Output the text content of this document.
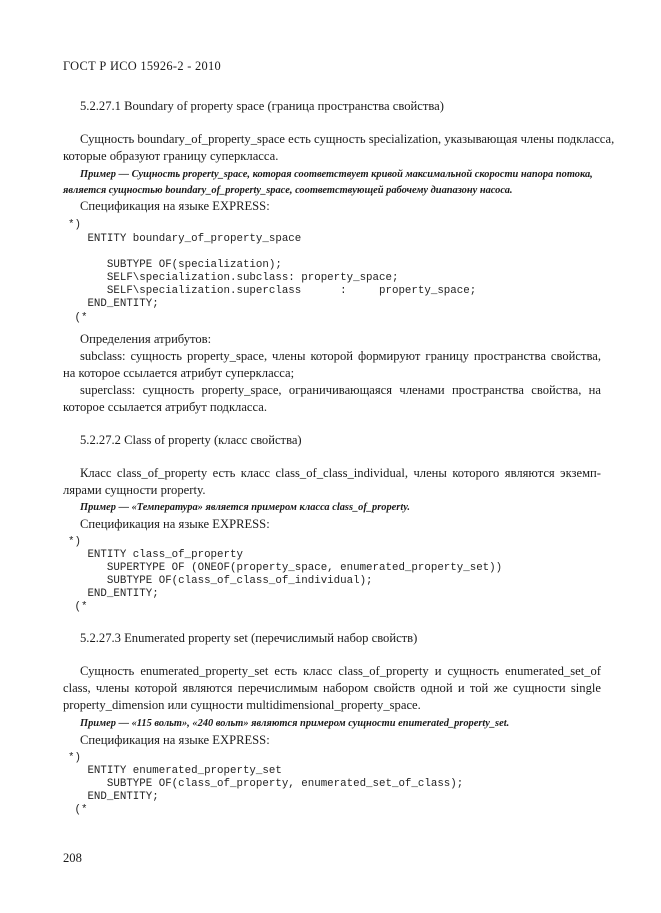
ГОСТ Р ИСО 15926-2 - 2010
5.2.27.1 Boundary of property space (граница пространства свойства)
Сущность boundary_of_property_space есть сущность specialization, указывающая члены подкласса,
которые образуют границу суперкласса.
Пример — Сущность property_space, которая соответствует кривой максимальной скорости напора потока,
является сущностью boundary_of_property_space, соответствующей рабочему диапазону насоса.
Спецификация на языке EXPRESS:
*)
ENTITY boundary_of_property_space
SUBTYPE OF(specialization);
SELF\specialization.subclass: property_space;
SELF\specialization.superclass      :     property_space;
END_ENTITY;
(*
Определения атрибутов:
subclass: сущность property_space, члены которой формируют границу пространства свойства,
на которое ссылается атрибут суперкласса;
superclass: сущность property_space, ограничивающаяся членами пространства свойства, на
которое ссылается атрибут подкласса.
5.2.27.2 Class of property (класс свойства)
Класс class_of_property есть класс class_of_class_individual, члены которого являются экземп-
лярами сущности property.
Пример — «Температура» является примером класса class_of_property.
Спецификация на языке EXPRESS:
*)
ENTITY class_of_property
SUPERTYPE OF (ONEOF(property_space, enumerated_property_set))
SUBTYPE OF(class_of_class_of_individual);
END_ENTITY;
(*
5.2.27.3 Enumerated property set (перечислимый набор свойств)
Сущность enumerated_property_set есть класс class_of_property и сущность enumerated_set_of
class, члены которой являются перечислимым набором свойств одной и той же сущности single
property_dimension или сущности multidimensional_property_space.
Пример — «115 вольт», «240 вольт» являются примером сущности enumerated_property_set.
Спецификация на языке EXPRESS:
*)
ENTITY enumerated_property_set
SUBTYPE OF(class_of_property, enumerated_set_of_class);
END_ENTITY;
(*
208
